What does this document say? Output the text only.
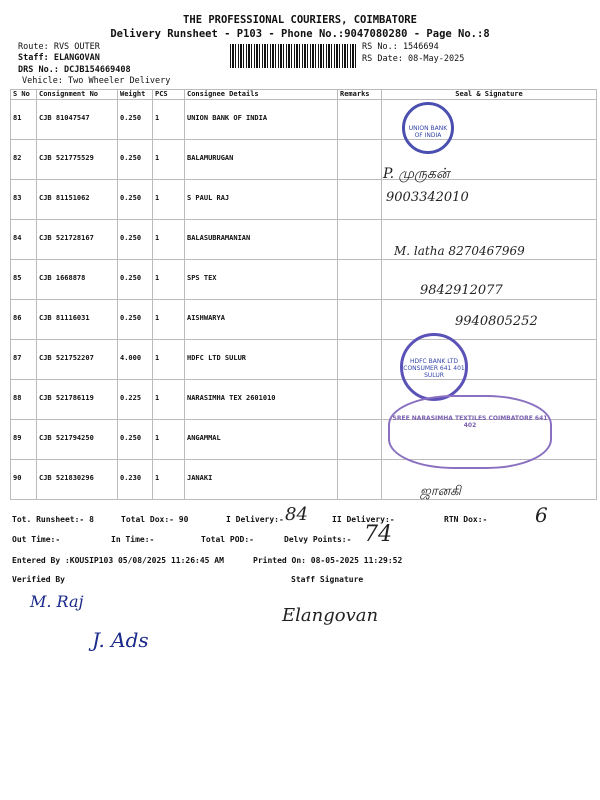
THE PROFESSIONAL COURIERS, COIMBATORE
Delivery Runsheet - P103 - Phone No.:9047080280 - Page No.:8
Route: RVS OUTER
Staff: ELANGOVAN
DRS No.: DCJB154669408
Vehicle: Two Wheeler Delivery
RS No.: 1546694
RS Date: 08-May-2025
S No	Consignment No	Weight	PCS	Consignee Details	Remarks	Seal & Signature
81	CJB 81047547	0.250	1	UNION BANK OF INDIA		
82	CJB 521775529	0.250	1	BALAMURUGAN		
83	CJB 81151062	0.250	1	S PAUL RAJ		
84	CJB 521728167	0.250	1	BALASUBRAMANIAN		
85	CJB 1668878	0.250	1	SPS TEX		
86	CJB 81116031	0.250	1	AISHWARYA		
87	CJB 521752207	4.000	1	HDFC LTD SULUR		
88	CJB 521786119	0.225	1	NARASIMHA TEX 2601010		
89	CJB 521794250	0.250	1	ANGAMMAL		
90	CJB 521830296	0.230	1	JANAKI		
UNION BANK OF INDIA
HDFC BANK LTD CONSUMER 641 401 SULUR
SREE NARASIMHA TEXTILES COIMBATORE 641 402
P. முருகன்
9003342010
M. latha 8270467969
9842912077
9940805252
ஜானகி
Tot. Runsheet:- 8	Total Dox:- 90	I Delivery:- 84	II Delivery:-	RTN Dox:- 6
Out Time:-	In Time:-	Total POD:-	Delvy Points:- 74
Entered By :KOUSIP103 05/08/2025 11:26:45 AM	Printed On: 08-05-2025 11:29:52
Verified By	Staff Signature
M. Raj
J. Ads
Elangovan
